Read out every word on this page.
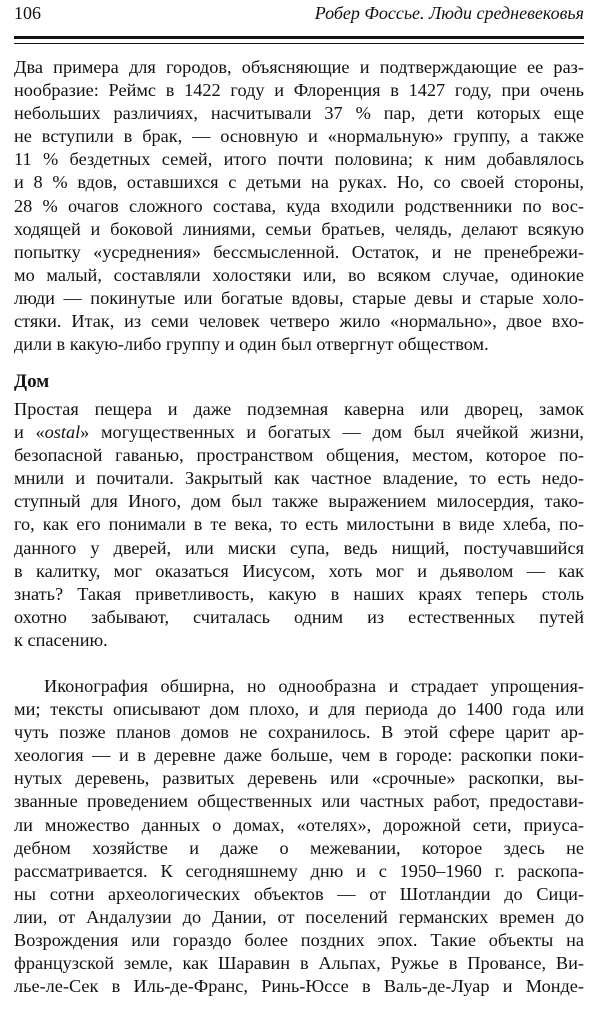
106	Робер Фоссье. Люди средневековья
Два примера для городов, объясняющие и подтверждающие ее раз-
нообразие: Реймс в 1422 году и Флоренция в 1427 году, при очень
небольших различиях, насчитывали 37 % пар, дети которых еще
не вступили в брак, — основную и «нормальную» группу, а также
11 % бездетных семей, итого почти половина; к ним добавлялось
и 8 % вдов, оставшихся с детьми на руках. Но, со своей стороны,
28 % очагов сложного состава, куда входили родственники по вос-
ходящей и боковой линиями, семьи братьев, челядь, делают всякую
попытку «усреднения» бессмысленной. Остаток, и не пренебрежи-
мо малый, составляли холостяки или, во всяком случае, одинокие
люди — покинутые или богатые вдовы, старые девы и старые холо-
стяки. Итак, из семи человек четверо жило «нормально», двое вхо-
дили в какую-либо группу и один был отвергнут обществом.
Дом
Простая пещера и даже подземная каверна или дворец, замок
и «ostal» могущественных и богатых — дом был ячейкой жизни,
безопасной гаванью, пространством общения, местом, которое по-
мнили и почитали. Закрытый как частное владение, то есть недо-
ступный для Иного, дом был также выражением милосердия, тако-
го, как его понимали в те века, то есть милостыни в виде хлеба, по-
данного у дверей, или миски супа, ведь нищий, постучавшийся
в калитку, мог оказаться Иисусом, хоть мог и дьяволом — как
знать? Такая приветливость, какую в наших краях теперь столь
охотно забывают, считалась одним из естественных путей
к спасению.
Иконография обширна, но однообразна и страдает упрощения-
ми; тексты описывают дом плохо, и для периода до 1400 года или
чуть позже планов домов не сохранилось. В этой сфере царит ар-
хеология — и в деревне даже больше, чем в городе: раскопки поки-
нутых деревень, развитых деревень или «срочные» раскопки, вы-
званные проведением общественных или частных работ, предостави-
ли множество данных о домах, «отелях», дорожной сети, приуса-
дебном хозяйстве и даже о межевании, которое здесь не
рассматривается. К сегодняшнему дню и с 1950–1960 г. раскопа-
ны сотни археологических объектов — от Шотландии до Сици-
лии, от Андалузии до Дании, от поселений германских времен до
Возрождения или гораздо более поздних эпох. Такие объекты на
французской земле, как Шаравин в Альпах, Ружье в Провансе, Ви-
лье-ле-Сек в Иль-де-Франс, Ринь-Юссе в Валь-де-Луар и Монде-
